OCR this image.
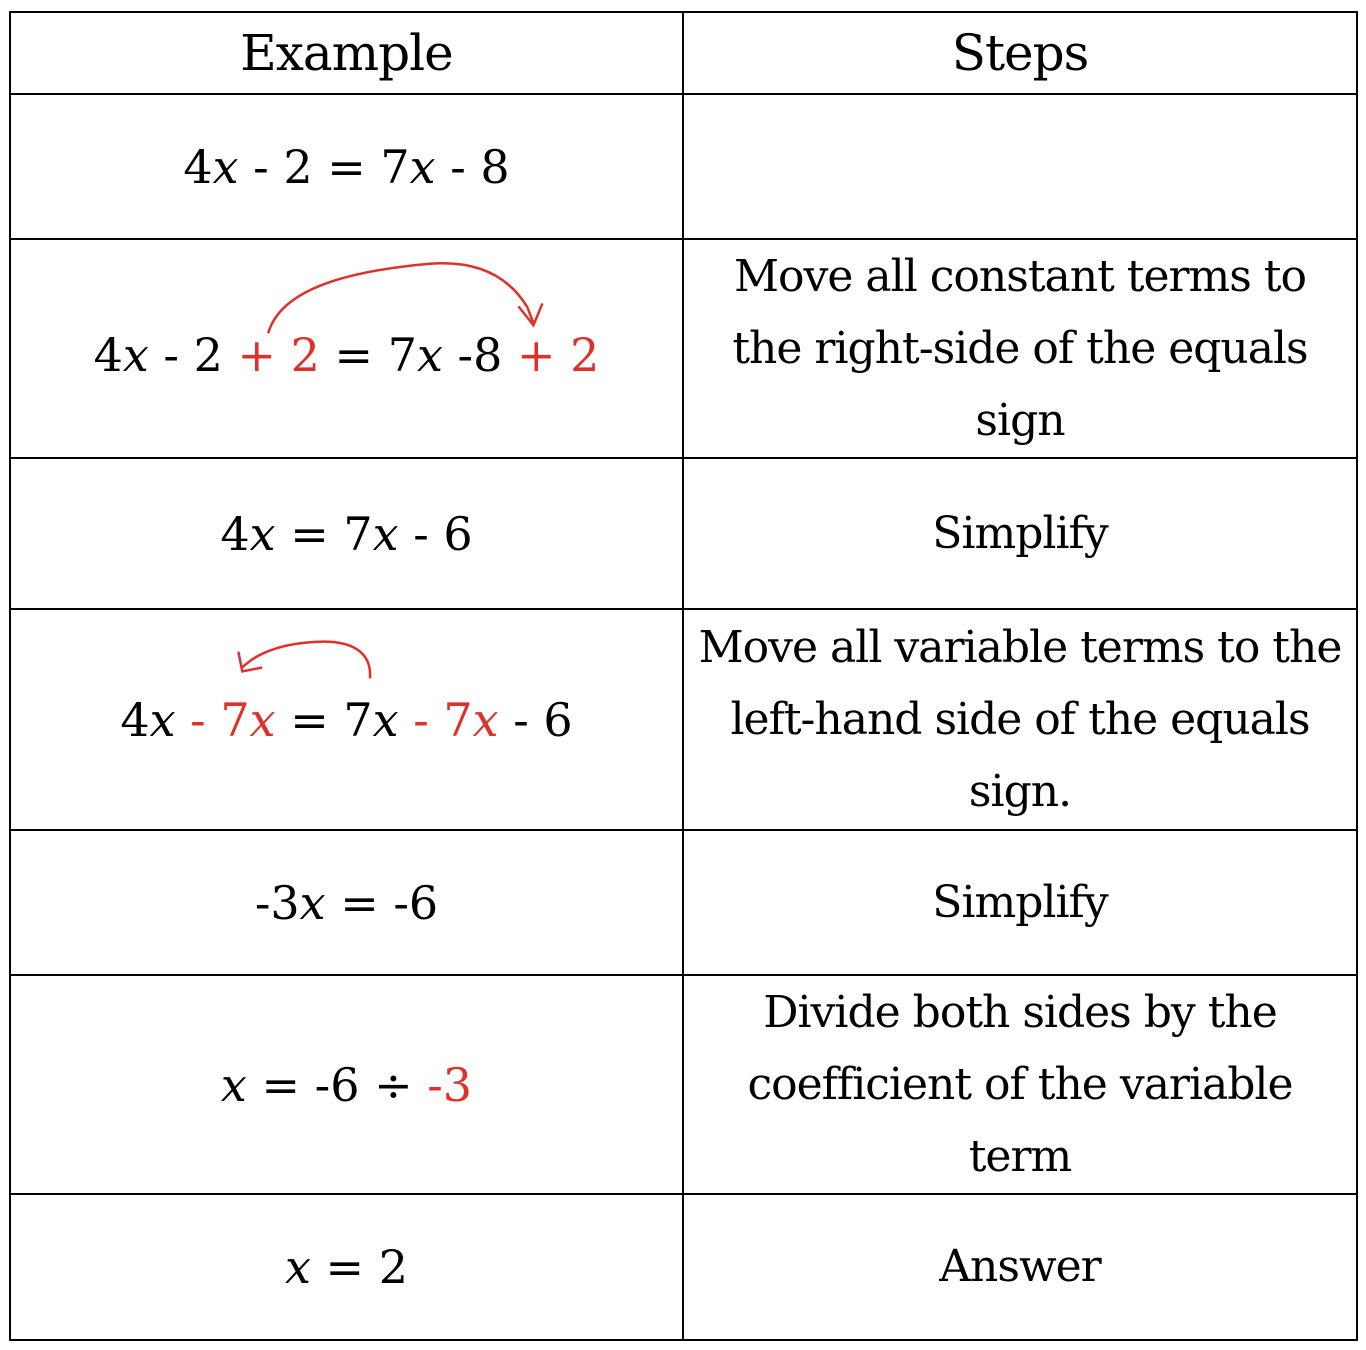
Example	Steps
4x - 2 = 7x - 8	

4x - 2 + 2 = 7x -8 + 2	Move all constant terms to the right-side of the equals sign

4x = 7x - 6	Simplify

4x - 7x = 7x - 7x - 6	Move all variable terms to the left-hand side of the equals sign.

-3x = -6	Simplify

x = -6 ÷ -3	Divide both sides by the coefficient of the variable term

x = 2	Answer
